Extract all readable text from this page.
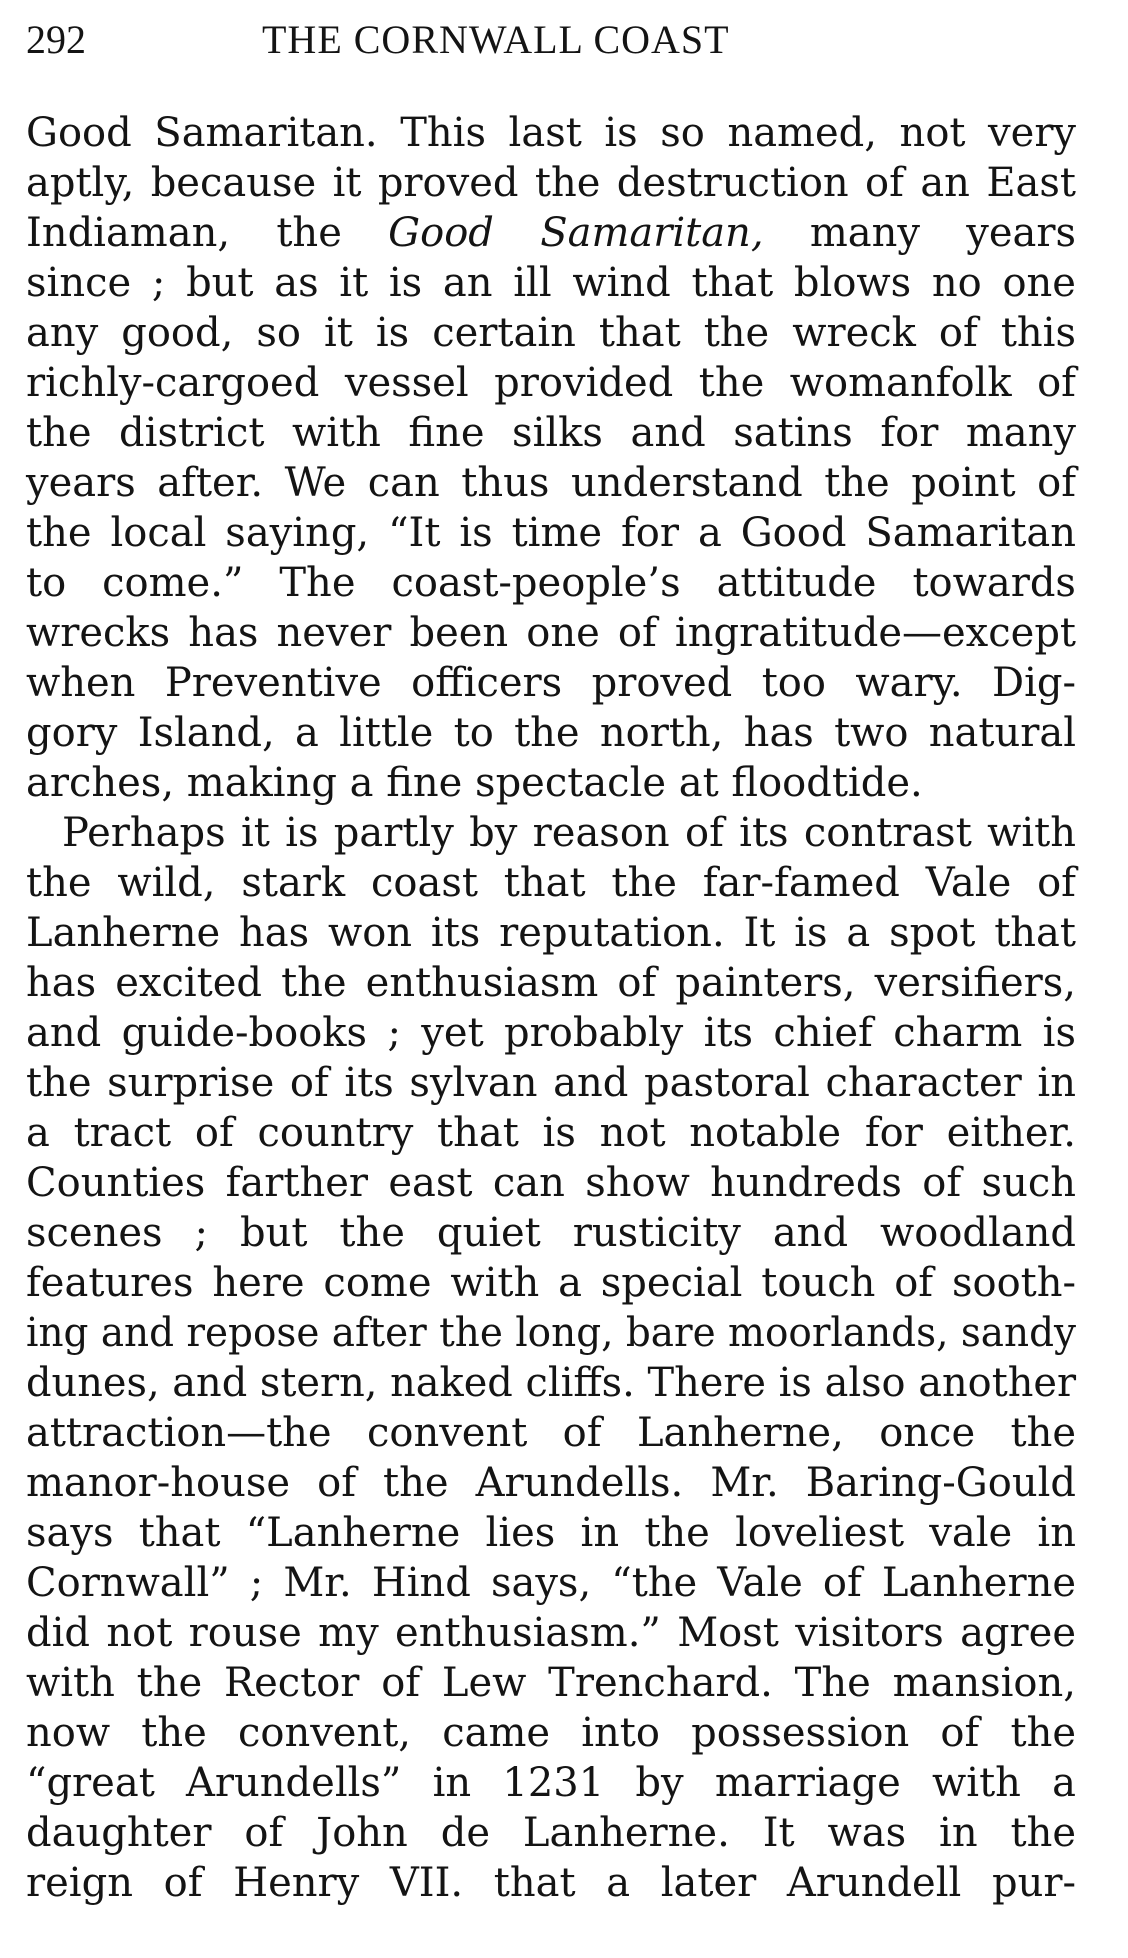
292	THE CORNWALL COAST
Good Samaritan. This last is so named, not very
aptly, because it proved the destruction of an East
Indiaman, the Good Samaritan, many years
since ; but as it is an ill wind that blows no one
any good, so it is certain that the wreck of this
richly-cargoed vessel provided the womanfolk of
the district with fine silks and satins for many
years after. We can thus understand the point of
the local saying, “It is time for a Good Samaritan
to come.” The coast-people’s attitude towards
wrecks has never been one of ingratitude—except
when Preventive officers proved too wary. Dig-
gory Island, a little to the north, has two natural
arches, making a fine spectacle at floodtide.
Perhaps it is partly by reason of its contrast with
the wild, stark coast that the far-famed Vale of
Lanherne has won its reputation. It is a spot that
has excited the enthusiasm of painters, versifiers,
and guide-books ; yet probably its chief charm is
the surprise of its sylvan and pastoral character in
a tract of country that is not notable for either.
Counties farther east can show hundreds of such
scenes ; but the quiet rusticity and woodland
features here come with a special touch of sooth-
ing and repose after the long, bare moorlands, sandy
dunes, and stern, naked cliffs. There is also another
attraction—the convent of Lanherne, once the
manor-house of the Arundells. Mr. Baring-Gould
says that “Lanherne lies in the loveliest vale in
Cornwall” ; Mr. Hind says, “the Vale of Lanherne
did not rouse my enthusiasm.” Most visitors agree
with the Rector of Lew Trenchard. The mansion,
now the convent, came into possession of the
“great Arundells” in 1231 by marriage with a
daughter of John de Lanherne. It was in the
reign of Henry VII. that a later Arundell pur-
